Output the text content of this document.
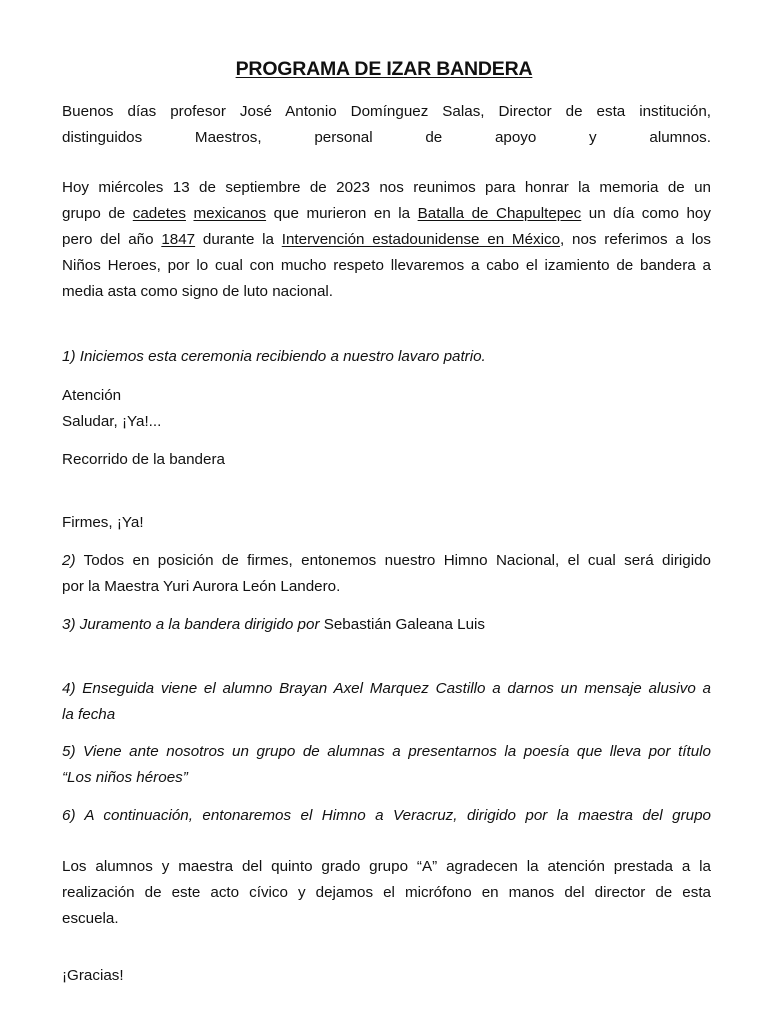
PROGRAMA DE IZAR BANDERA
Buenos días profesor José Antonio Domínguez Salas, Director de esta institución,
distinguidos Maestros, personal de apoyo y alumnos.
Hoy miércoles 13 de septiembre de 2023 nos reunimos para honrar la memoria de un
grupo de cadetes mexicanos que murieron en la Batalla de Chapultepec un día como hoy
pero del año 1847 durante la Intervención estadounidense en México, nos referimos a los
Niños Heroes, por lo cual con mucho respeto llevaremos a cabo el izamiento de bandera a
media asta como signo de luto nacional.
1) Iniciemos esta ceremonia recibiendo a nuestro lavaro patrio.
Atención
Saludar, ¡Ya!...
Recorrido de la bandera
Firmes, ¡Ya!
2) Todos en posición de firmes, entonemos nuestro Himno Nacional, el cual será dirigido
por la Maestra Yuri Aurora León Landero.
3) Juramento a la bandera dirigido por Sebastián Galeana Luis
4) Enseguida viene el alumno Brayan Axel Marquez Castillo a darnos un mensaje alusivo a
la fecha
5) Viene ante nosotros un grupo de alumnas a presentarnos la poesía que lleva por título
“Los niños héroes”
6) A continuación, entonaremos el Himno a Veracruz, dirigido por la maestra del grupo
Los alumnos y maestra del quinto grado grupo “A” agradecen la atención prestada a la
realización de este acto cívico y dejamos el micrófono en manos del director de esta
escuela.
¡Gracias!
